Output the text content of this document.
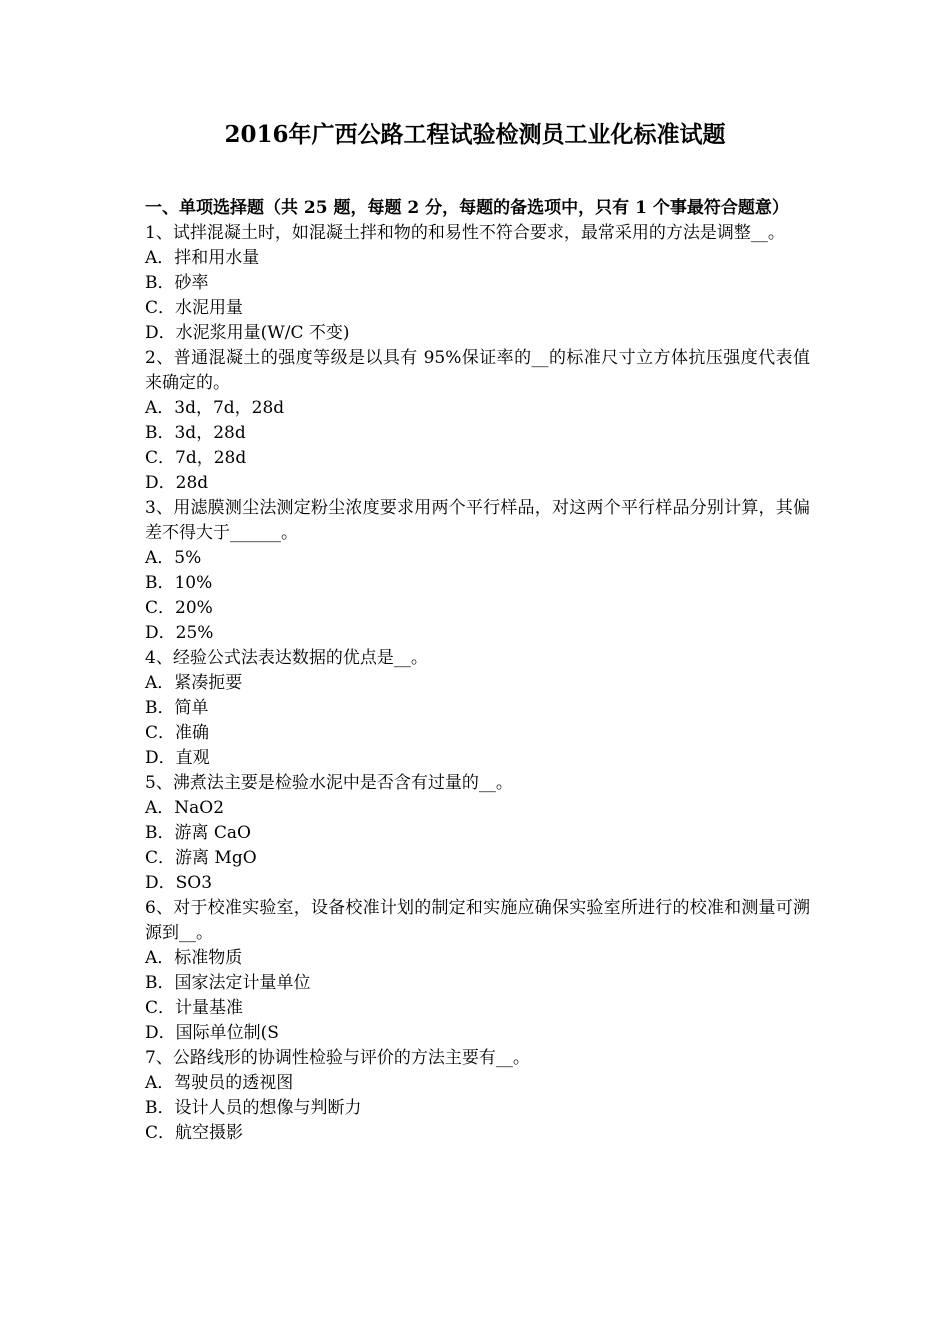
2016年广西公路工程试验检测员工业化标准试题

一、单项选择题（共 25 题，每题 2 分，每题的备选项中，只有 1 个事最符合题意）

1、试拌混凝土时，如混凝土拌和物的和易性不符合要求，最常采用的方法是调整__。

A．拌和用水量

B．砂率

C．水泥用量

D．水泥浆用量(W/C 不变)

2、普通混凝土的强度等级是以具有 95%保证率的__的标准尺寸立方体抗压强度代表值来确定的。

A．3d，7d，28d

B．3d，28d

C．7d，28d

D．28d

3、用滤膜测尘法测定粉尘浓度要求用两个平行样品，对这两个平行样品分别计算，其偏差不得大于______。

A．5%

B．10%

C．20%

D．25%

4、经验公式法表达数据的优点是__。

A．紧凑扼要

B．简单

C．准确

D．直观

5、沸煮法主要是检验水泥中是否含有过量的__。

A．NaO2

B．游离 CaO

C．游离 MgO

D．SO3

6、对于校准实验室，设备校准计划的制定和实施应确保实验室所进行的校准和测量可溯源到__。

A．标准物质

B．国家法定计量单位

C．计量基准

D．国际单位制(S

7、公路线形的协调性检验与评价的方法主要有__。

A．驾驶员的透视图

B．设计人员的想像与判断力

C．航空摄影
